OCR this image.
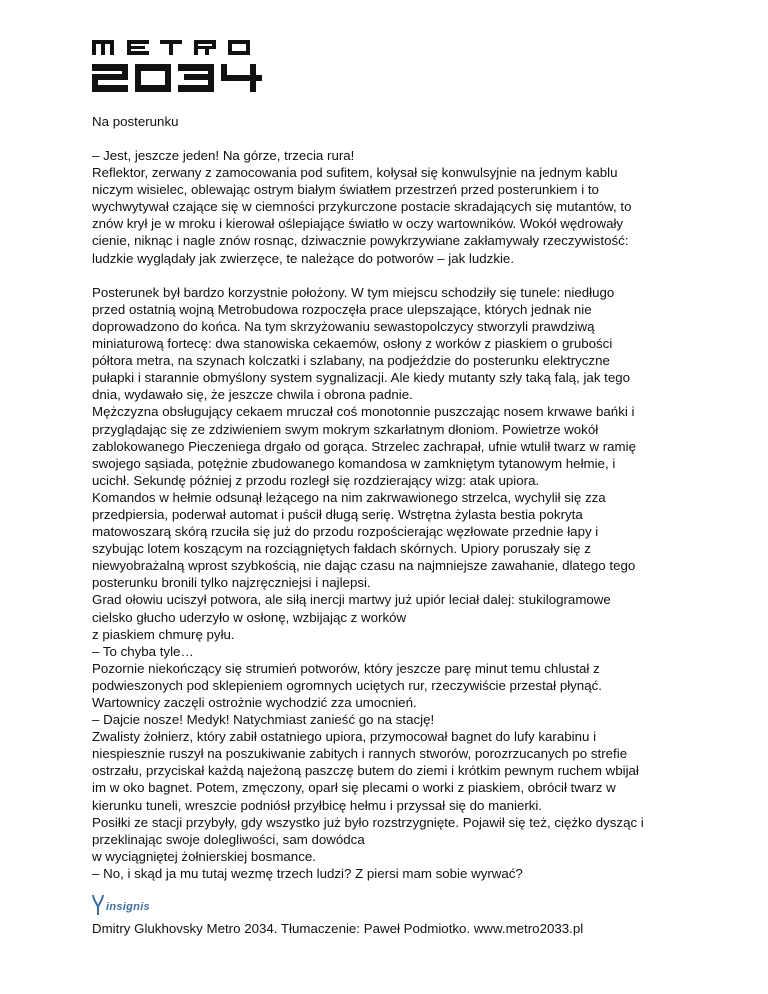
Na posterunku

– Jest, jeszcze jeden! Na górze, trzecia rura!

Reflektor, zerwany z zamocowania pod sufitem, kołysał się konwulsyjnie na jednym kablu

niczym wisielec, oblewając ostrym białym światłem przestrzeń przed posterunkiem i to

wychwytywał czające się w ciemności przykurczone postacie skradających się mutantów, to

znów krył je w mroku i kierował oślepiające światło w oczy wartowników. Wokół wędrowały

cienie, niknąc i nagle znów rosnąc, dziwacznie powykrzywiane zakłamywały rzeczywistość:

ludzkie wyglądały jak zwierzęce, te należące do potworów – jak ludzkie.

Posterunek był bardzo korzystnie położony. W tym miejscu schodziły się tunele: niedługo

przed ostatnią wojną Metrobudowa rozpoczęła prace ulepszające, których jednak nie

doprowadzono do końca. Na tym skrzyżowaniu sewastopolczycy stworzyli prawdziwą

miniaturową fortecę: dwa stanowiska cekaemów, osłony z worków z piaskiem o grubości

półtora metra, na szynach kolczatki i szlabany, na podjeździe do posterunku elektryczne

pułapki i starannie obmyślony system sygnalizacji. Ale kiedy mutanty szły taką falą, jak tego

dnia, wydawało się, że jeszcze chwila i obrona padnie.

Mężczyzna obsługujący cekaem mruczał coś monotonnie puszczając nosem krwawe bańki i

przyglądając się ze zdziwieniem swym mokrym szkarłatnym dłoniom. Powietrze wokół

zablokowanego Pieczeniega drgało od gorąca. Strzelec zachrapał, ufnie wtulił twarz w ramię

swojego sąsiada, potężnie zbudowanego komandosa w zamkniętym tytanowym hełmie, i

ucichł. Sekundę później z przodu rozległ się rozdzierający wizg: atak upiora.

Komandos w hełmie odsunął leżącego na nim zakrwawionego strzelca, wychylił się zza

przedpiersia, poderwał automat i puścił długą serię. Wstrętna żylasta bestia pokryta

matowoszarą skórą rzuciła się już do przodu rozpościerając węzłowate przednie łapy i

szybując lotem koszącym na rozciągniętych fałdach skórnych. Upiory poruszały się z

niewyobrażalną wprost szybkością, nie dając czasu na najmniejsze zawahanie, dlatego tego

posterunku bronili tylko najzręczniejsi i najlepsi.

Grad ołowiu uciszył potwora, ale siłą inercji martwy już upiór leciał dalej: stukilogramowe

cielsko głucho uderzyło w osłonę, wzbijając z worków

z piaskiem chmurę pyłu.

– To chyba tyle…

Pozornie niekończący się strumień potworów, który jeszcze parę minut temu chlustał z

podwieszonych pod sklepieniem ogromnych uciętych rur, rzeczywiście przestał płynąć.

Wartownicy zaczęli ostrożnie wychodzić zza umocnień.

– Dajcie nosze! Medyk! Natychmiast zanieść go na stację!

Zwalisty żołnierz, który zabił ostatniego upiora, przymocował bagnet do lufy karabinu i

niespiesznie ruszył na poszukiwanie zabitych i rannych stworów, porozrzucanych po strefie

ostrzału, przyciskał każdą najeżoną paszczę butem do ziemi i krótkim pewnym ruchem wbijał

im w oko bagnet. Potem, zmęczony, oparł się plecami o worki z piaskiem, obrócił twarz w

kierunku tuneli, wreszcie podniósł przyłbicę hełmu i przyssał się do manierki.

Posiłki ze stacji przybyły, gdy wszystko już było rozstrzygnięte. Pojawił się też, ciężko dysząc i

przeklinając swoje dolegliwości, sam dowódca

w wyciągniętej żołnierskiej bosmance.

– No, i skąd ja mu tutaj wezmę trzech ludzi? Z piersi mam sobie wyrwać?

insignis

Dmitry Glukhovsky Metro 2034. Tłumaczenie: Paweł Podmiotko. www.metro2033.pl
